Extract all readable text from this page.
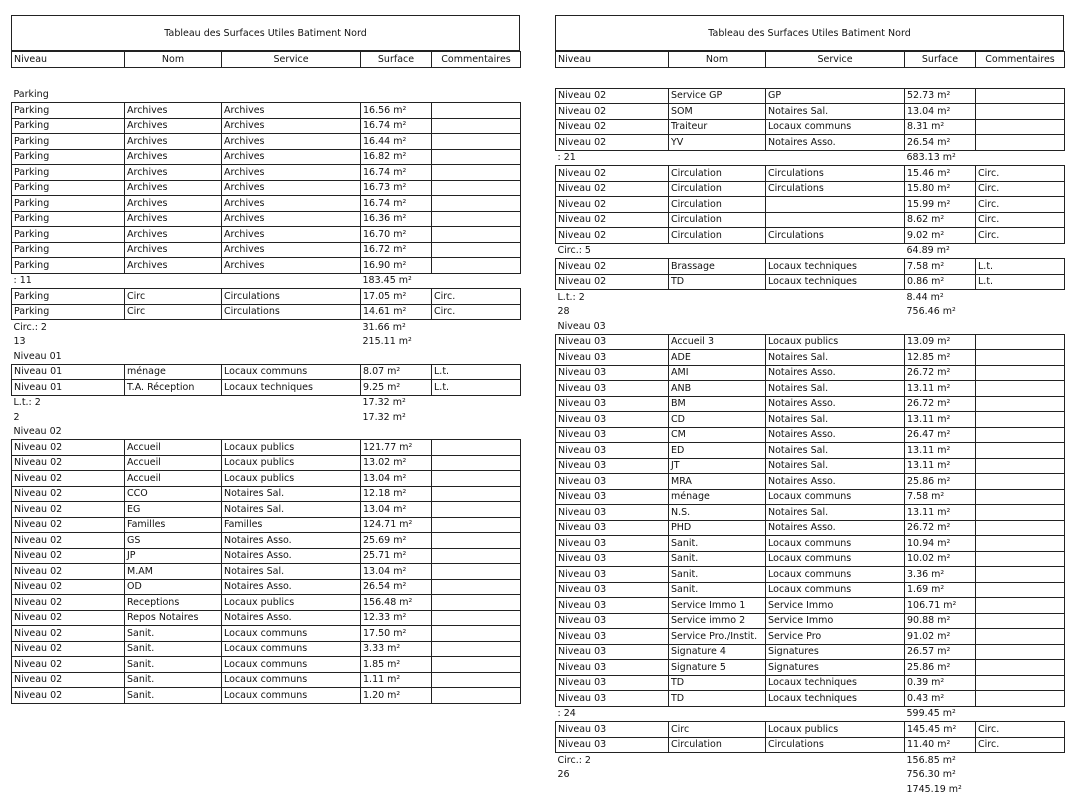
Tableau des Surfaces Utiles Batiment Nord
Niveau	Nom	Service	Surface	Commentaires

Parking				
Parking	Archives	Archives	16.56 m²	
Parking	Archives	Archives	16.74 m²	
Parking	Archives	Archives	16.44 m²	
Parking	Archives	Archives	16.82 m²	
Parking	Archives	Archives	16.74 m²	
Parking	Archives	Archives	16.73 m²	
Parking	Archives	Archives	16.74 m²	
Parking	Archives	Archives	16.36 m²	
Parking	Archives	Archives	16.70 m²	
Parking	Archives	Archives	16.72 m²	
Parking	Archives	Archives	16.90 m²	
: 11			183.45 m²	
Parking	Circ	Circulations	17.05 m²	Circ.
Parking	Circ	Circulations	14.61 m²	Circ.
Circ.: 2			31.66 m²	
13			215.11 m²	
Niveau 01				
Niveau 01	ménage	Locaux communs	8.07 m²	L.t.
Niveau 01	T.A. Réception	Locaux techniques	9.25 m²	L.t.
L.t.: 2			17.32 m²	
2			17.32 m²	
Niveau 02				
Niveau 02	Accueil	Locaux publics	121.77 m²	
Niveau 02	Accueil	Locaux publics	13.02 m²	
Niveau 02	Accueil	Locaux publics	13.04 m²	
Niveau 02	CCO	Notaires Sal.	12.18 m²	
Niveau 02	EG	Notaires Sal.	13.04 m²	
Niveau 02	Familles	Familles	124.71 m²	
Niveau 02	GS	Notaires Asso.	25.69 m²	
Niveau 02	JP	Notaires Asso.	25.71 m²	
Niveau 02	M.AM	Notaires Sal.	13.04 m²	
Niveau 02	OD	Notaires Asso.	26.54 m²	
Niveau 02	Receptions	Locaux publics	156.48 m²	
Niveau 02	Repos Notaires	Notaires Asso.	12.33 m²	
Niveau 02	Sanit.	Locaux communs	17.50 m²	
Niveau 02	Sanit.	Locaux communs	3.33 m²	
Niveau 02	Sanit.	Locaux communs	1.85 m²	
Niveau 02	Sanit.	Locaux communs	1.11 m²	
Niveau 02	Sanit.	Locaux communs	1.20 m²	
Tableau des Surfaces Utiles Batiment Nord
Niveau	Nom	Service	Surface	Commentaires

Niveau 02	Service GP	GP	52.73 m²	
Niveau 02	SOM	Notaires Sal.	13.04 m²	
Niveau 02	Traiteur	Locaux communs	8.31 m²	
Niveau 02	YV	Notaires Asso.	26.54 m²	
: 21			683.13 m²	
Niveau 02	Circulation	Circulations	15.46 m²	Circ.
Niveau 02	Circulation	Circulations	15.80 m²	Circ.
Niveau 02	Circulation		15.99 m²	Circ.
Niveau 02	Circulation		8.62 m²	Circ.
Niveau 02	Circulation	Circulations	9.02 m²	Circ.
Circ.: 5			64.89 m²	
Niveau 02	Brassage	Locaux techniques	7.58 m²	L.t.
Niveau 02	TD	Locaux techniques	0.86 m²	L.t.
L.t.: 2			8.44 m²	
28			756.46 m²	
Niveau 03				
Niveau 03	Accueil 3	Locaux publics	13.09 m²	
Niveau 03	ADE	Notaires Sal.	12.85 m²	
Niveau 03	AMI	Notaires Asso.	26.72 m²	
Niveau 03	ANB	Notaires Sal.	13.11 m²	
Niveau 03	BM	Notaires Asso.	26.72 m²	
Niveau 03	CD	Notaires Sal.	13.11 m²	
Niveau 03	CM	Notaires Asso.	26.47 m²	
Niveau 03	ED	Notaires Sal.	13.11 m²	
Niveau 03	JT	Notaires Sal.	13.11 m²	
Niveau 03	MRA	Notaires Asso.	25.86 m²	
Niveau 03	ménage	Locaux communs	7.58 m²	
Niveau 03	N.S.	Notaires Sal.	13.11 m²	
Niveau 03	PHD	Notaires Asso.	26.72 m²	
Niveau 03	Sanit.	Locaux communs	10.94 m²	
Niveau 03	Sanit.	Locaux communs	10.02 m²	
Niveau 03	Sanit.	Locaux communs	3.36 m²	
Niveau 03	Sanit.	Locaux communs	1.69 m²	
Niveau 03	Service Immo 1	Service Immo	106.71 m²	
Niveau 03	Service immo 2	Service Immo	90.88 m²	
Niveau 03	Service Pro./Instit.	Service Pro	91.02 m²	
Niveau 03	Signature 4	Signatures	26.57 m²	
Niveau 03	Signature 5	Signatures	25.86 m²	
Niveau 03	TD	Locaux techniques	0.39 m²	
Niveau 03	TD	Locaux techniques	0.43 m²	
: 24			599.45 m²	
Niveau 03	Circ	Locaux publics	145.45 m²	Circ.
Niveau 03	Circulation	Circulations	11.40 m²	Circ.
Circ.: 2			156.85 m²	
26			756.30 m²	
			1745.19 m²	
